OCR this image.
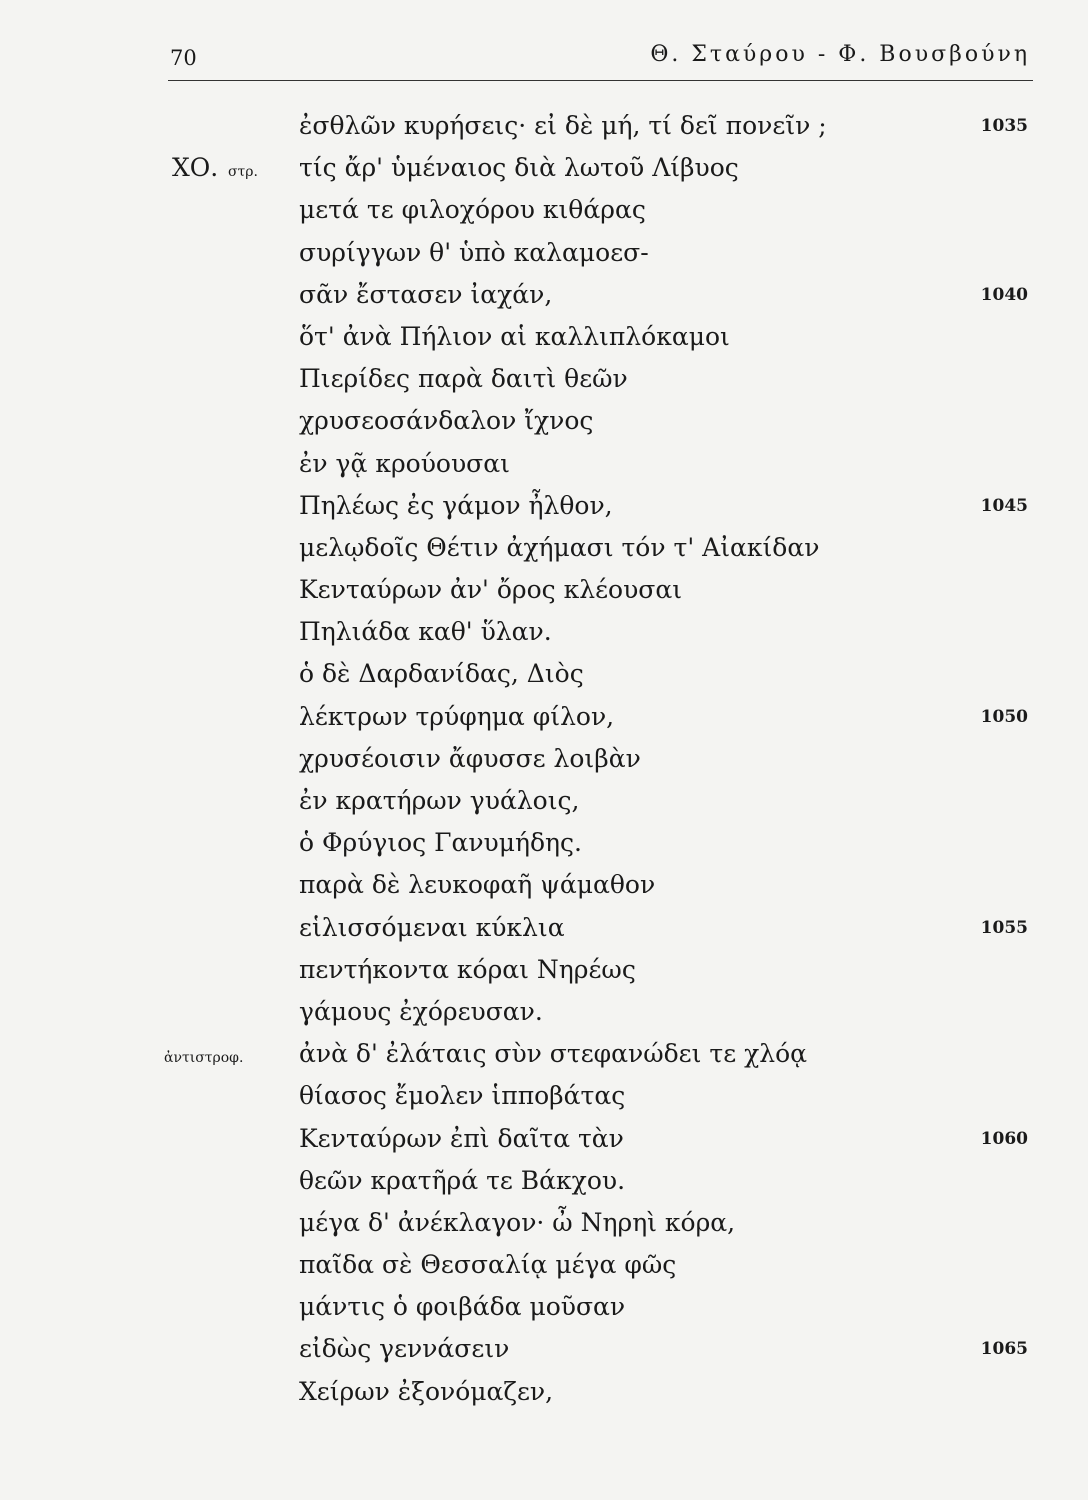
70	Θ. Σταύρου - Φ. Βουσβούνη
ἐσθλῶν κυρήσεις· εἰ δὲ μή, τί δεῖ πονεῖν ;	1035
ΧΟ. στρ. τίς ἄρ' ὑμέναιος διὰ λωτοῦ Λίβυος
μετά τε φιλοχόρου κιθάρας
συρίγγων θ' ὑπὸ καλαμοεσ-
σᾶν ἔστασεν ἰαχάν,	1040
ὅτ' ἀνὰ Πήλιον αἱ καλλιπλόκαμοι
Πιερίδες παρὰ δαιτὶ θεῶν
χρυσεοσάνδαλον ἴχνος
ἐν γᾷ κρούουσαι
Πηλέως ἐς γάμον ἦλθον,	1045
μελῳδοῖς Θέτιν ἀχήμασι τόν τ' Αἰακίδαν
Κενταύρων ἀν' ὄρος κλέουσαι
Πηλιάδα καθ' ὕλαν.
ὁ δὲ Δαρδανίδας, Διὸς
λέκτρων τρύφημα φίλον,	1050
χρυσέοισιν ἄφυσσε λοιβὰν
ἐν κρατήρων γυάλοις,
ὁ Φρύγιος Γανυμήδης.
παρὰ δὲ λευκοφαῆ ψάμαθον
εἱλισσόμεναι κύκλια	1055
πεντήκοντα κόραι Νηρέως
γάμους ἐχόρευσαν.
ἀντιστροφ. ἀνὰ δ' ἐλάταις σὺν στεφανώδει τε χλόᾳ
θίασος ἔμολεν ἱπποβάτας
Κενταύρων ἐπὶ δαῖτα τὰν	1060
θεῶν κρατῆρά τε Βάκχου.
μέγα δ' ἀνέκλαγον· ὦ Νηρηὶ κόρα,
παῖδα σὲ Θεσσαλίᾳ μέγα φῶς
μάντις ὁ φοιβάδα μοῦσαν
εἰδὼς γεννάσειν	1065
Χείρων ἐξονόμαζεν,
